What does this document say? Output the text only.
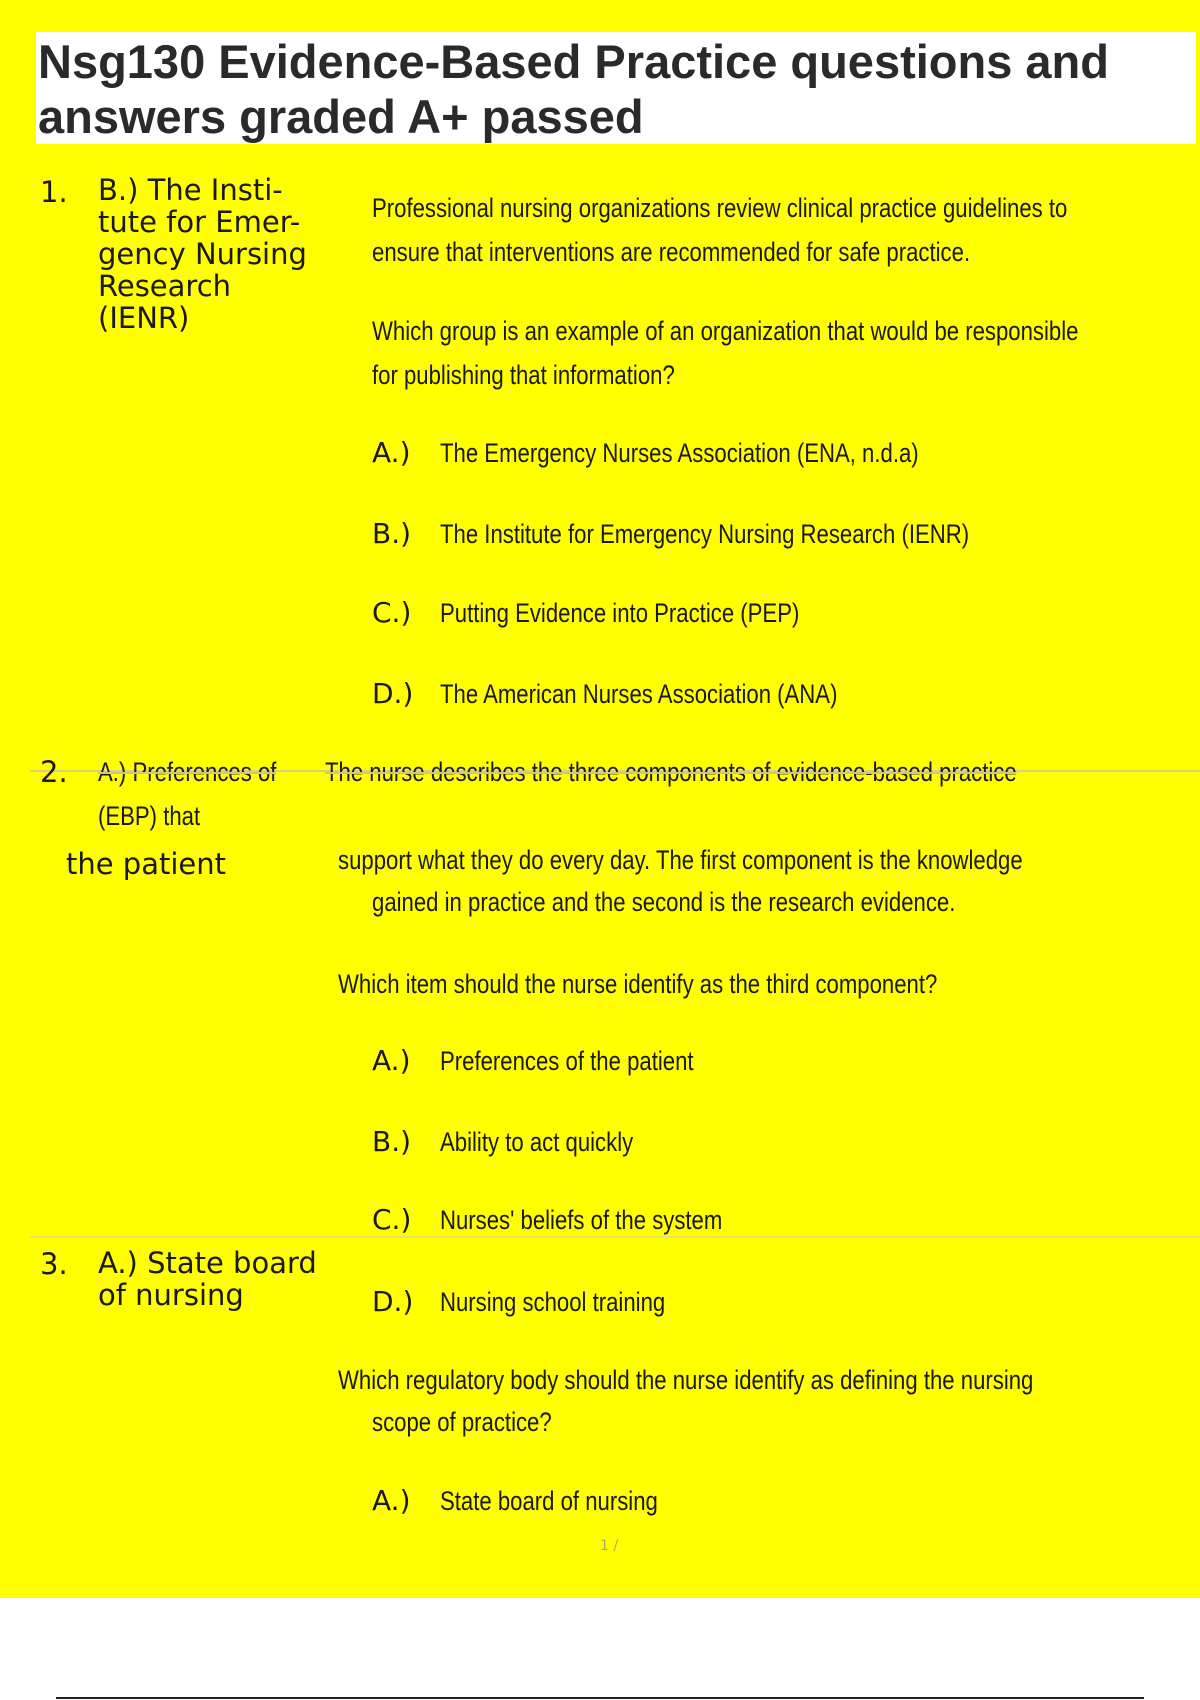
Nsg130 Evidence-Based Practice questions and answers graded A+ passed
1. B.) The Insti-
tute for Emer-
gency Nursing
Research
(IENR)
Professional nursing organizations review clinical practice guidelines to
ensure that interventions are recommended for safe practice.
Which group is an example of an organization that would be responsible
for publishing that information?
A.) The Emergency Nurses Association (ENA, n.d.a)
B.) The Institute for Emergency Nursing Research (IENR)
C.) Putting Evidence into Practice (PEP)
D.) The American Nurses Association (ANA)
2. A.) Preferences of The nurse describes the three components of evidence-based practice
(EBP) that
the patient	support what they do every day. The first component is the knowledge
gained in practice and the second is the research evidence.
Which item should the nurse identify as the third component?
A.) Preferences of the patient
B.) Ability to act quickly
C.) Nurses' beliefs of the system
D.) Nursing school training
3. A.) State board
of nursing
Which regulatory body should the nurse identify as defining the nursing
scope of practice?
A.) State board of nursing
1 /
